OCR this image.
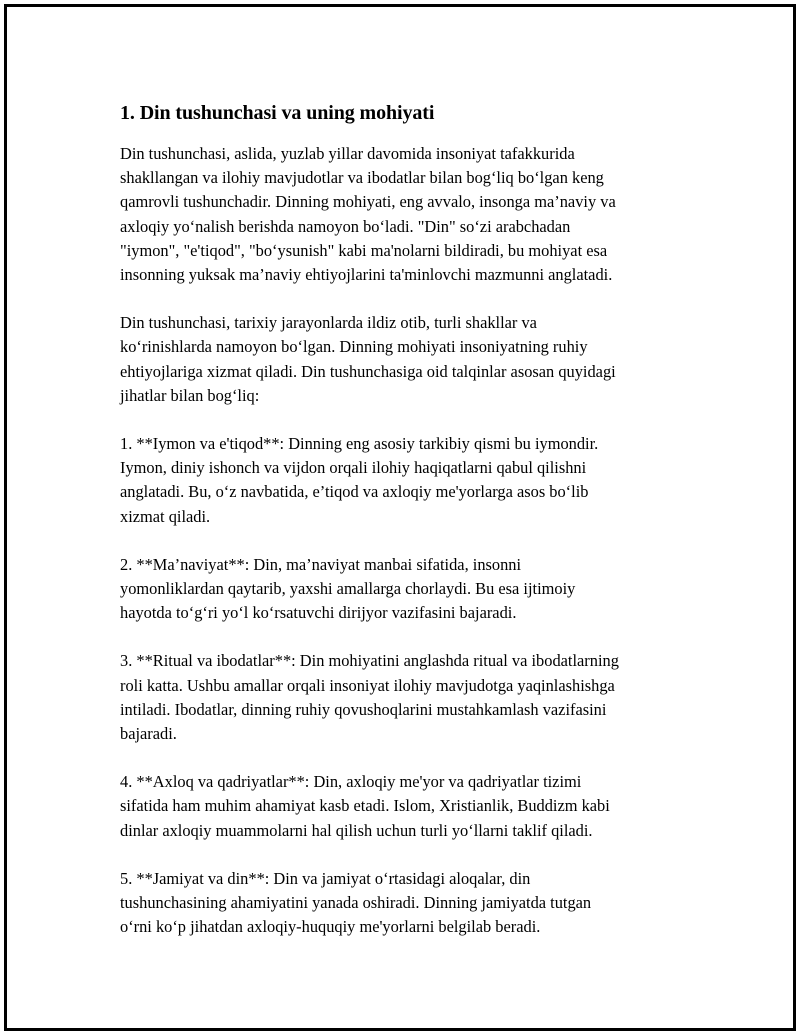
1. Din tushunchasi va uning mohiyati

Din tushunchasi, aslida, yuzlab yillar davomida insoniyat tafakkurida
shakllangan va ilohiy mavjudotlar va ibodatlar bilan bog‘liq bo‘lgan keng
qamrovli tushunchadir. Dinning mohiyati, eng avvalo, insonga ma’naviy va
axloqiy yo‘nalish berishda namoyon bo‘ladi. "Din" so‘zi arabchadan
"iymon", "e'tiqod", "bo‘ysunish" kabi ma'nolarni bildiradi, bu mohiyat esa
insonning yuksak ma’naviy ehtiyojlarini ta'minlovchi mazmunni anglatadi.

Din tushunchasi, tarixiy jarayonlarda ildiz otib, turli shakllar va
ko‘rinishlarda namoyon bo‘lgan. Dinning mohiyati insoniyatning ruhiy
ehtiyojlariga xizmat qiladi. Din tushunchasiga oid talqinlar asosan quyidagi
jihatlar bilan bog‘liq:

1. **Iymon va e'tiqod**: Dinning eng asosiy tarkibiy qismi bu iymondir.
Iymon, diniy ishonch va vijdon orqali ilohiy haqiqatlarni qabul qilishni
anglatadi. Bu, o‘z navbatida, e’tiqod va axloqiy me'yorlarga asos bo‘lib
xizmat qiladi.

2. **Ma’naviyat**: Din, ma’naviyat manbai sifatida, insonni
yomonliklardan qaytarib, yaxshi amallarga chorlaydi. Bu esa ijtimoiy
hayotda to‘g‘ri yo‘l ko‘rsatuvchi dirijyor vazifasini bajaradi.

3. **Ritual va ibodatlar**: Din mohiyatini anglashda ritual va ibodatlarning
roli katta. Ushbu amallar orqali insoniyat ilohiy mavjudotga yaqinlashishga
intiladi. Ibodatlar, dinning ruhiy qovushoqlarini mustahkamlash vazifasini
bajaradi.

4. **Axloq va qadriyatlar**: Din, axloqiy me'yor va qadriyatlar tizimi
sifatida ham muhim ahamiyat kasb etadi. Islom, Xristianlik, Buddizm kabi
dinlar axloqiy muammolarni hal qilish uchun turli yo‘llarni taklif qiladi.

5. **Jamiyat va din**: Din va jamiyat o‘rtasidagi aloqalar, din
tushunchasining ahamiyatini yanada oshiradi. Dinning jamiyatda tutgan
o‘rni ko‘p jihatdan axloqiy-huquqiy me'yorlarni belgilab beradi.
